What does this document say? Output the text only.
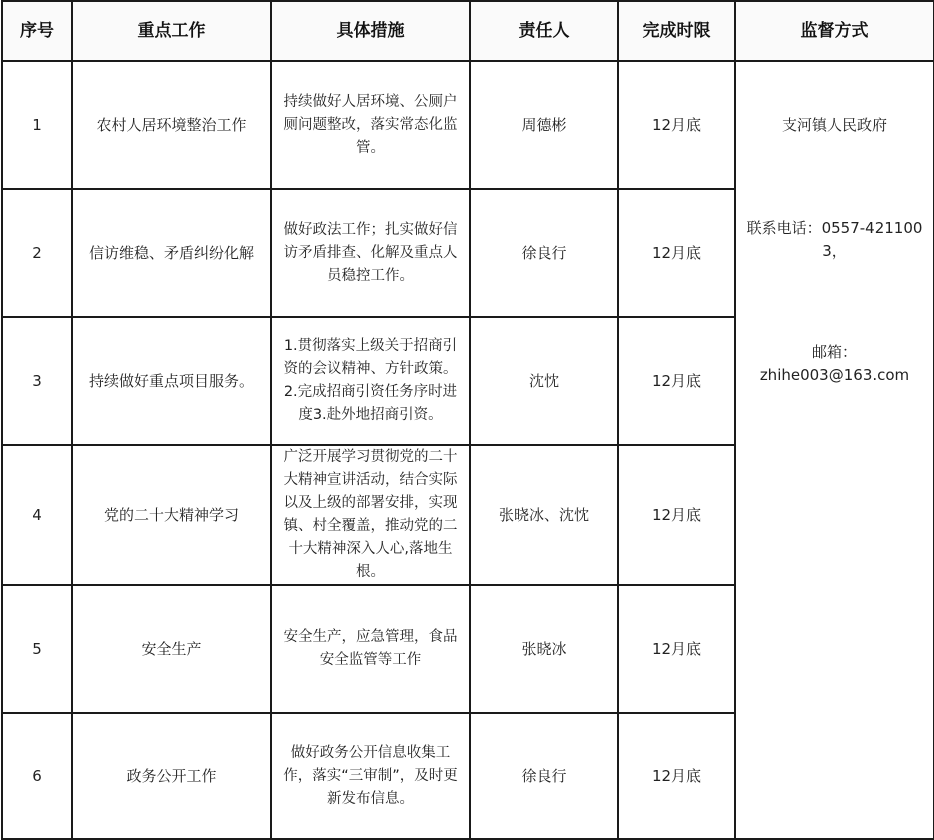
序号	重点工作	具体措施	责任人	完成时限	监督方式
1	农村人居环境整治工作	持续做好人居环境、公厕户厕问题整改，落实常态化监管。	周德彬	12月底	支河镇人民政府
联系电话：0557-4211003，
邮箱：
zhihe003@163.com

2	信访维稳、矛盾纠纷化解	做好政法工作；扎实做好信访矛盾排查、化解及重点人员稳控工作。	徐良行	12月底	
3	持续做好重点项目服务。	1.贯彻落实上级关于招商引资的会议精神、方针政策。2.完成招商引资任务序时进度3.赴外地招商引资。	沈忱	12月底	
4	党的二十大精神学习	广泛开展学习贯彻党的二十大精神宣讲活动，结合实际以及上级的部署安排，实现镇、村全覆盖，推动党的二十大精神深入人心,落地生根。	张晓冰、沈忱	12月底	
5	安全生产	安全生产，应急管理，食品安全监管等工作	张晓冰	12月底	
6	政务公开工作	做好政务公开信息收集工作，落实“三审制”，及时更新发布信息。	徐良行	12月底	
